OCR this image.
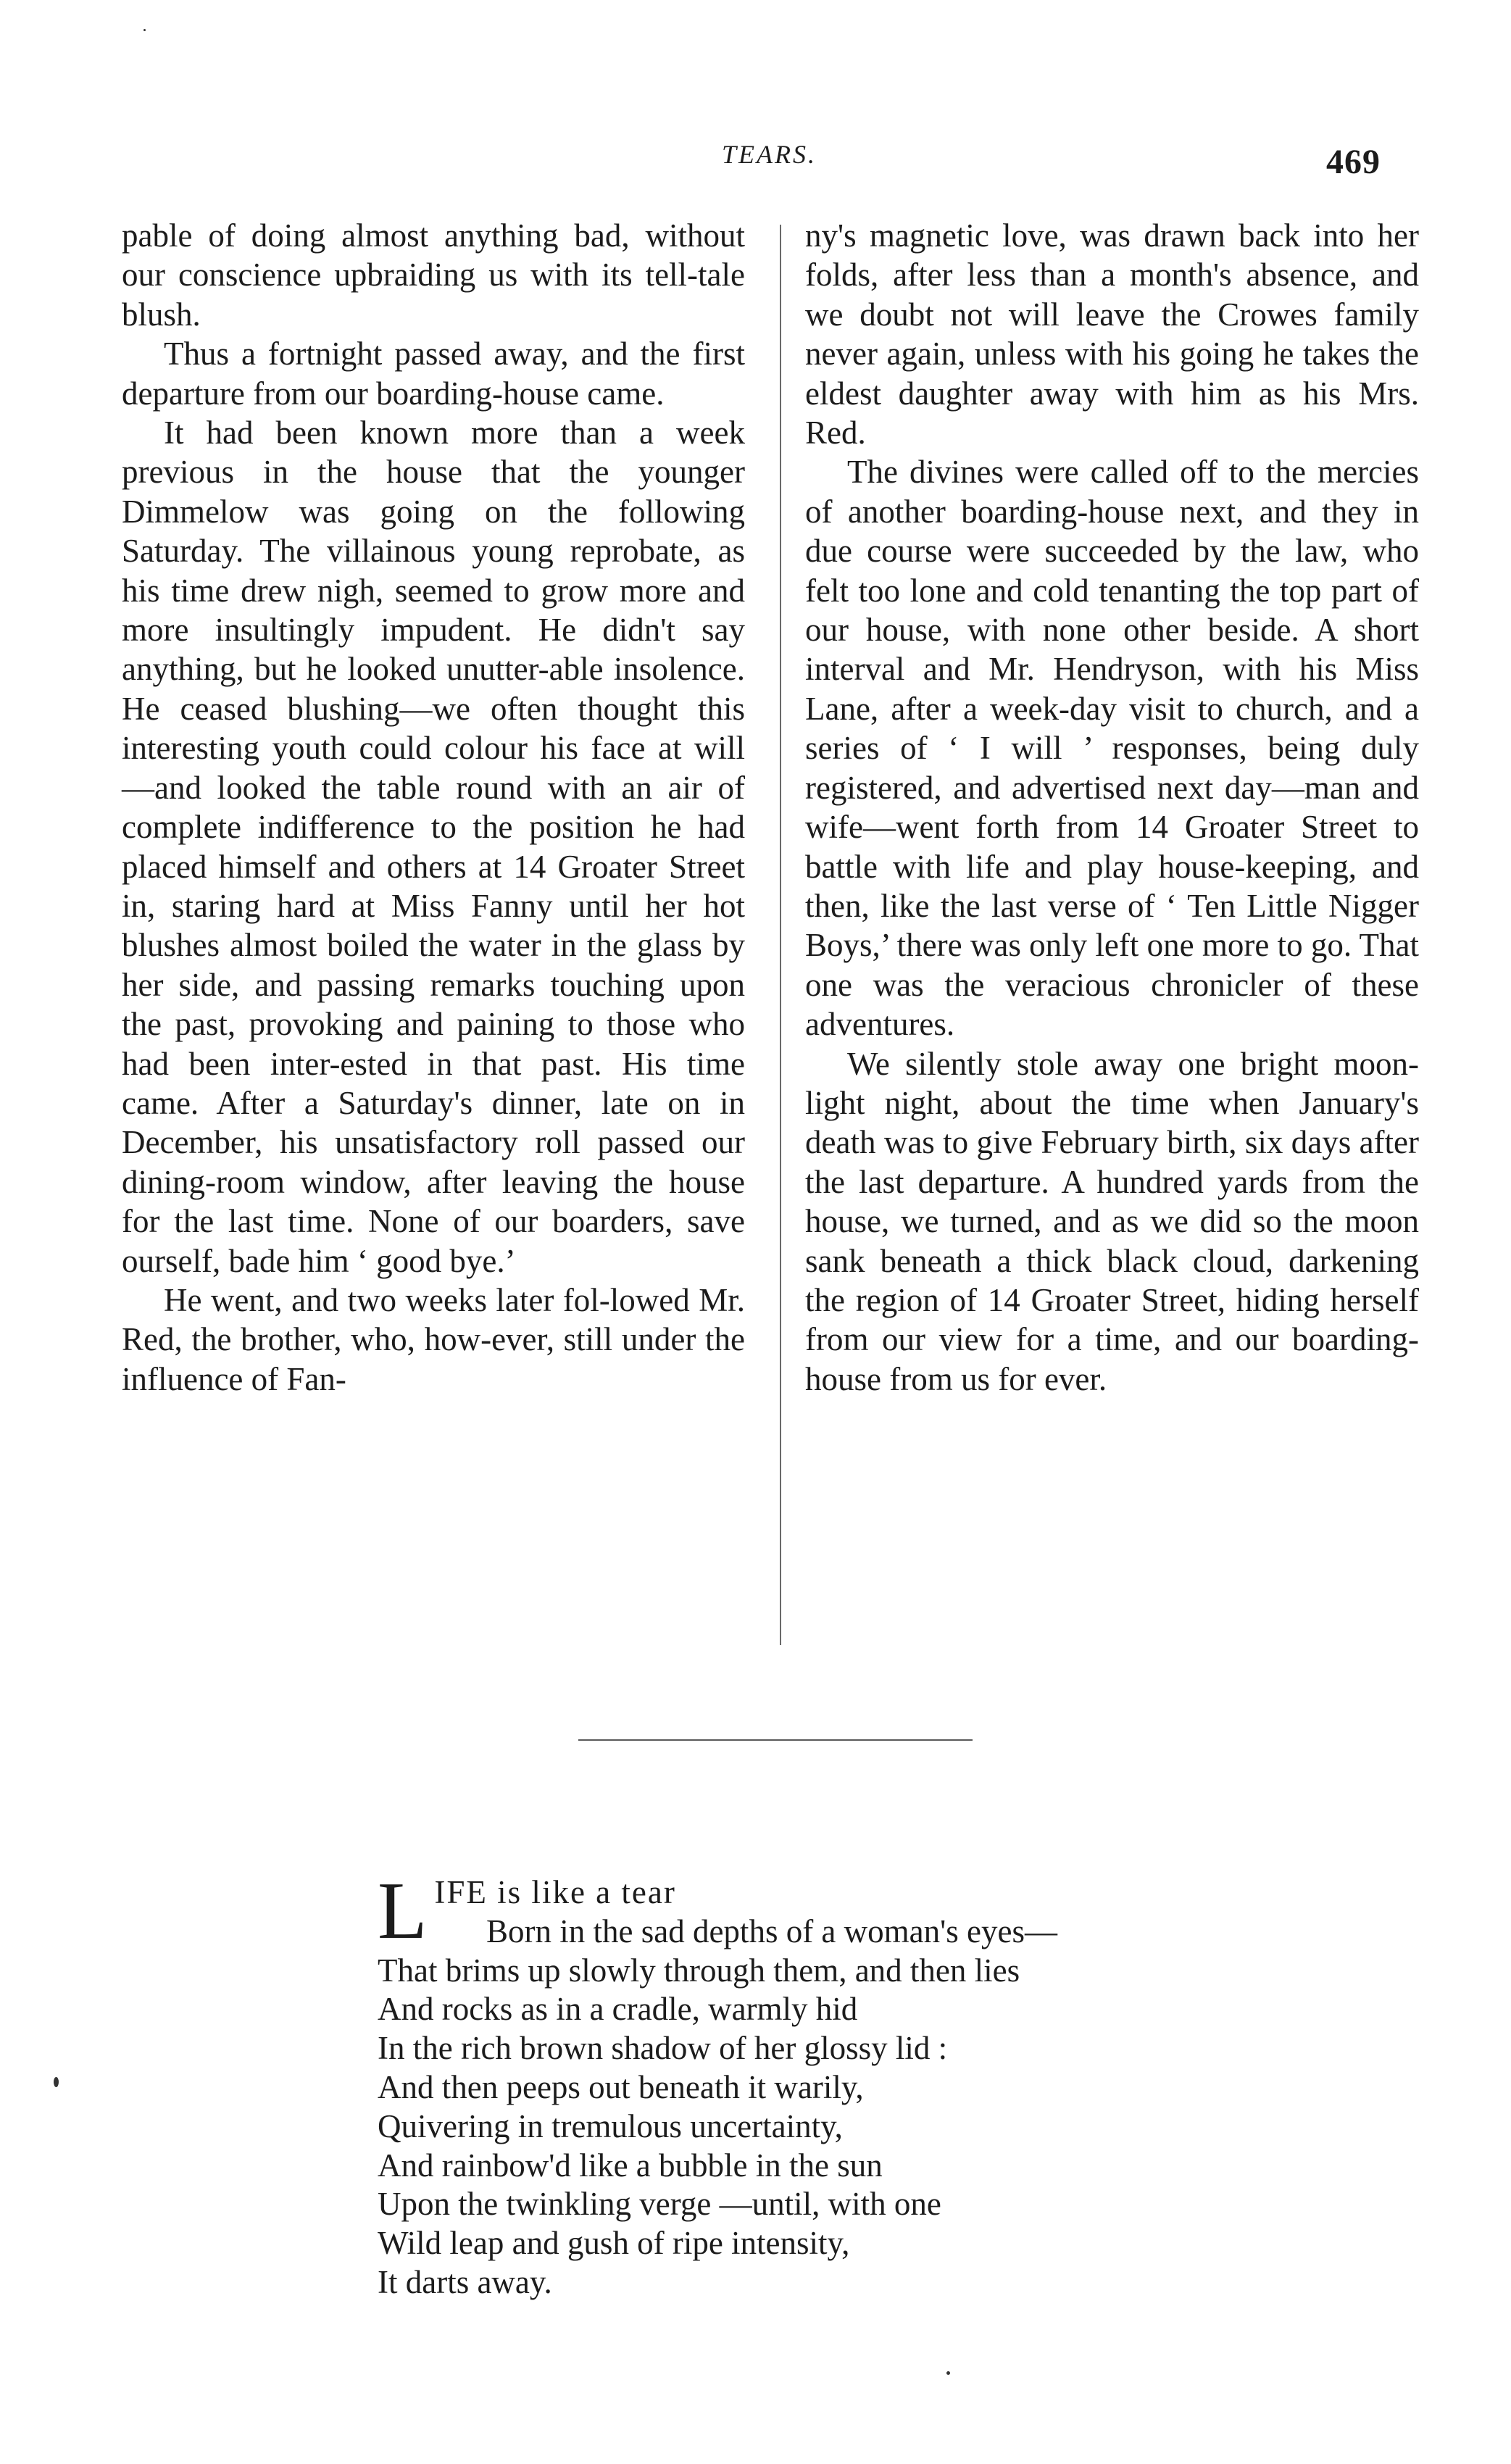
TEARS.	469

pable of doing almost anything bad, without our conscience upbraiding us with its tell-tale blush.

Thus a fortnight passed away, and the first departure from our boarding-house came.

It had been known more than a week previous in the house that the younger Dimmelow was going on the following Saturday. The villainous young reprobate, as his time drew nigh, seemed to grow more and more insultingly impudent. He didn't say anything, but he looked unutter-able insolence. He ceased blushing—we often thought this interesting youth could colour his face at will—and looked the table round with an air of complete indifference to the position he had placed himself and others at 14 Groater Street in, staring hard at Miss Fanny until her hot blushes almost boiled the water in the glass by her side, and passing remarks touching upon the past, provoking and paining to those who had been inter-ested in that past. His time came. After a Saturday's dinner, late on in December, his unsatisfactory roll passed our dining-room window, after leaving the house for the last time. None of our boarders, save ourself, bade him ‘ good bye.’

He went, and two weeks later fol-lowed Mr. Red, the brother, who, how-ever, still under the influence of Fan-

ny's magnetic love, was drawn back into her folds, after less than a month's absence, and we doubt not will leave the Crowes family never again, unless with his going he takes the eldest daughter away with him as his Mrs. Red.

The divines were called off to the mercies of another boarding-house next, and they in due course were succeeded by the law, who felt too lone and cold tenanting the top part of our house, with none other beside. A short interval and Mr. Hendryson, with his Miss Lane, after a week-day visit to church, and a series of ‘ I will ’ responses, being duly registered, and advertised next day—man and wife—went forth from 14 Groater Street to battle with life and play house-keeping, and then, like the last verse of ‘ Ten Little Nigger Boys,’ there was only left one more to go. That one was the veracious chronicler of these adventures.

We silently stole away one bright moon-light night, about the time when January's death was to give February birth, six days after the last departure. A hundred yards from the house, we turned, and as we did so the moon sank beneath a thick black cloud, darkening the region of 14 Groater Street, hiding herself from our view for a time, and our boarding-house from us for ever.

LIFE is like a tear
Born in the sad depths of a woman's eyes—
That brims up slowly through them, and then lies
And rocks as in a cradle, warmly hid
In the rich brown shadow of her glossy lid :
And then peeps out beneath it warily,
Quivering in tremulous uncertainty,
And rainbow'd like a bubble in the sun
Upon the twinkling verge —until, with one
Wild leap and gush of ripe intensity,
It darts away.
